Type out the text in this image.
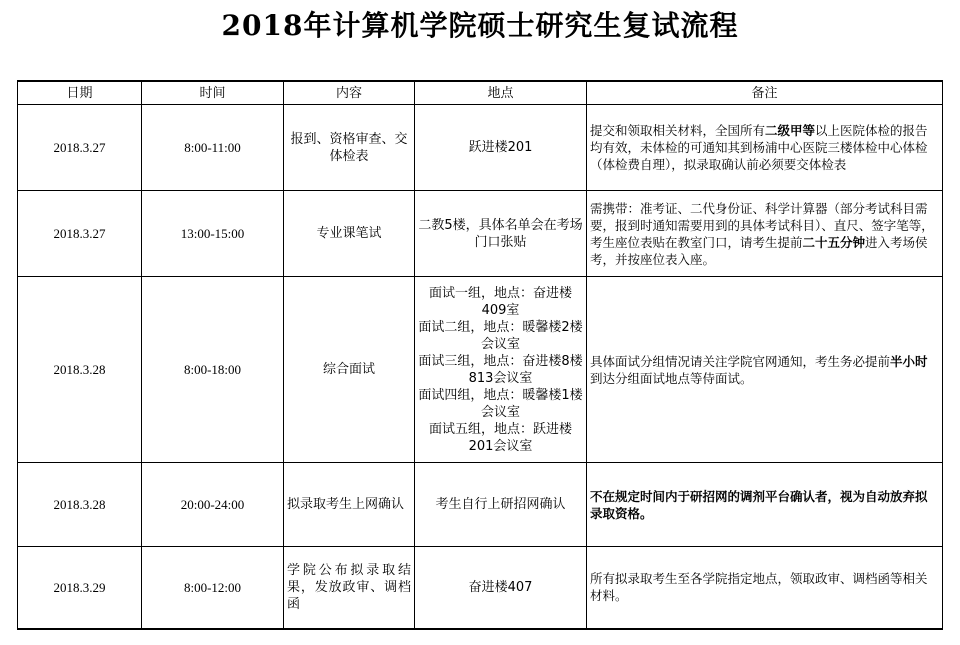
2018年计算机学院硕士研究生复试流程
日期	时间	内容	地点	备注
2018.3.27	8:00-11:00	报到、资格审查、交体检表	跃进楼201	提交和领取相关材料，全国所有二级甲等以上医院体检的报告均有效，未体检的可通知其到杨浦中心医院三楼体检中心体检（体检费自理），拟录取确认前必须要交体检表
2018.3.27	13:00-15:00	专业课笔试	二教5楼，具体名单会在考场门口张贴	需携带：准考证、二代身份证、科学计算器（部分考试科目需要，报到时通知需要用到的具体考试科目）、直尺、签字笔等，考生座位表贴在教室门口，请考生提前二十五分钟进入考场侯考，并按座位表入座。
2018.3.28	8:00-18:00	综合面试	面试一组，地点：奋进楼409室
面试二组，地点：暖馨楼2楼会议室
面试三组，地点：奋进楼8楼813会议室
面试四组，地点：暖馨楼1楼会议室
面试五组，地点：跃进楼201会议室	具体面试分组情况请关注学院官网通知，考生务必提前半小时到达分组面试地点等侍面试。
2018.3.28	20:00-24:00	拟录取考生上网确认	考生自行上研招网确认	不在规定时间内于研招网的调剂平台确认者，视为自动放弃拟录取资格。
2018.3.29	8:00-12:00	学院公布拟录取结果，发放政审、调档函	奋进楼407	所有拟录取考生至各学院指定地点，领取政审、调档函等相关材料。
